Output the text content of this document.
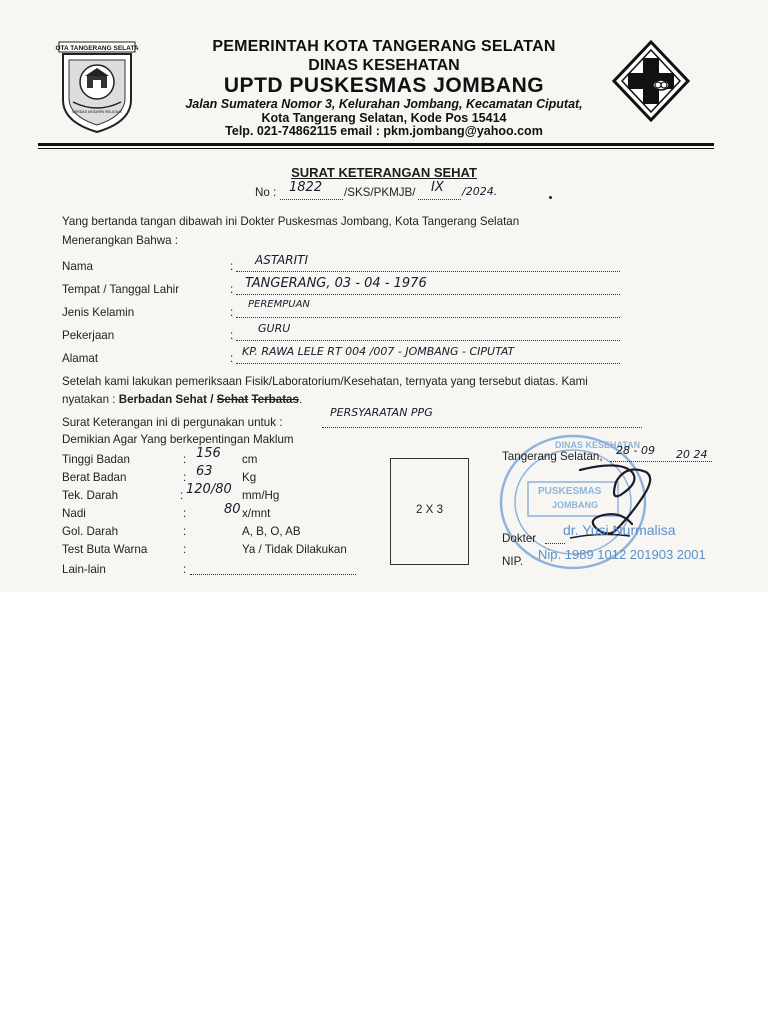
KOTA TANGERANG SELATAN
CERDAS MODERN RELIGIUS
PEMERINTAH KOTA TANGERANG SELATAN
DINAS KESEHATAN
UPTD PUSKESMAS JOMBANG
Jalan Sumatera Nomor 3, Kelurahan Jombang, Kecamatan Ciputat,
Kota Tangerang Selatan, Kode Pos 15414
Telp. 021-74862115 email : pkm.jombang@yahoo.com
SURAT KETERANGAN SEHAT
No : 1822 /SKS/PKMJB/ IX /2024.
Yang bertanda tangan dibawah ini Dokter Puskesmas Jombang, Kota Tangerang Selatan
Menerangkan Bahwa :
Nama	: ASTARITI
Tempat / Tanggal Lahir	: TANGERANG, 03 - 04 - 1976
Jenis Kelamin	:
PEREMPUAN
Pekerjaan	:
GURU
Alamat	:
KP. RAWA LELE RT 004 /007 - JOMBANG - CIPUTAT
Setelah kami lakukan pemeriksaan Fisik/Laboratorium/Kesehatan, ternyata yang tersebut diatas. Kami
nyatakan : Berbadan Sehat / Sehat Terbatas.
Surat Keterangan ini di pergunakan untuk :
PERSYARATAN PPG
Demikian Agar Yang berkepentingan Maklum
Tinggi Badan	: 156 cm
Berat Badan	: 63	Kg
Tek. Darah	: 120/80 mm/Hg
Nadi	:	80 x/mnt
Gol. Darah	:	A, B, O, AB
Test Buta Warna	:	Ya / Tidak Dilakukan
Lain-lain	:
2 X 3
DINAS KESEHATAN
PUSKESMAS
JOMBANG
Tangerang Selatan, 28 - 09 20 24
Dokter
dr. Yusi Nurmalisa
NIP. Nip. 1989 1012 201903 2001
